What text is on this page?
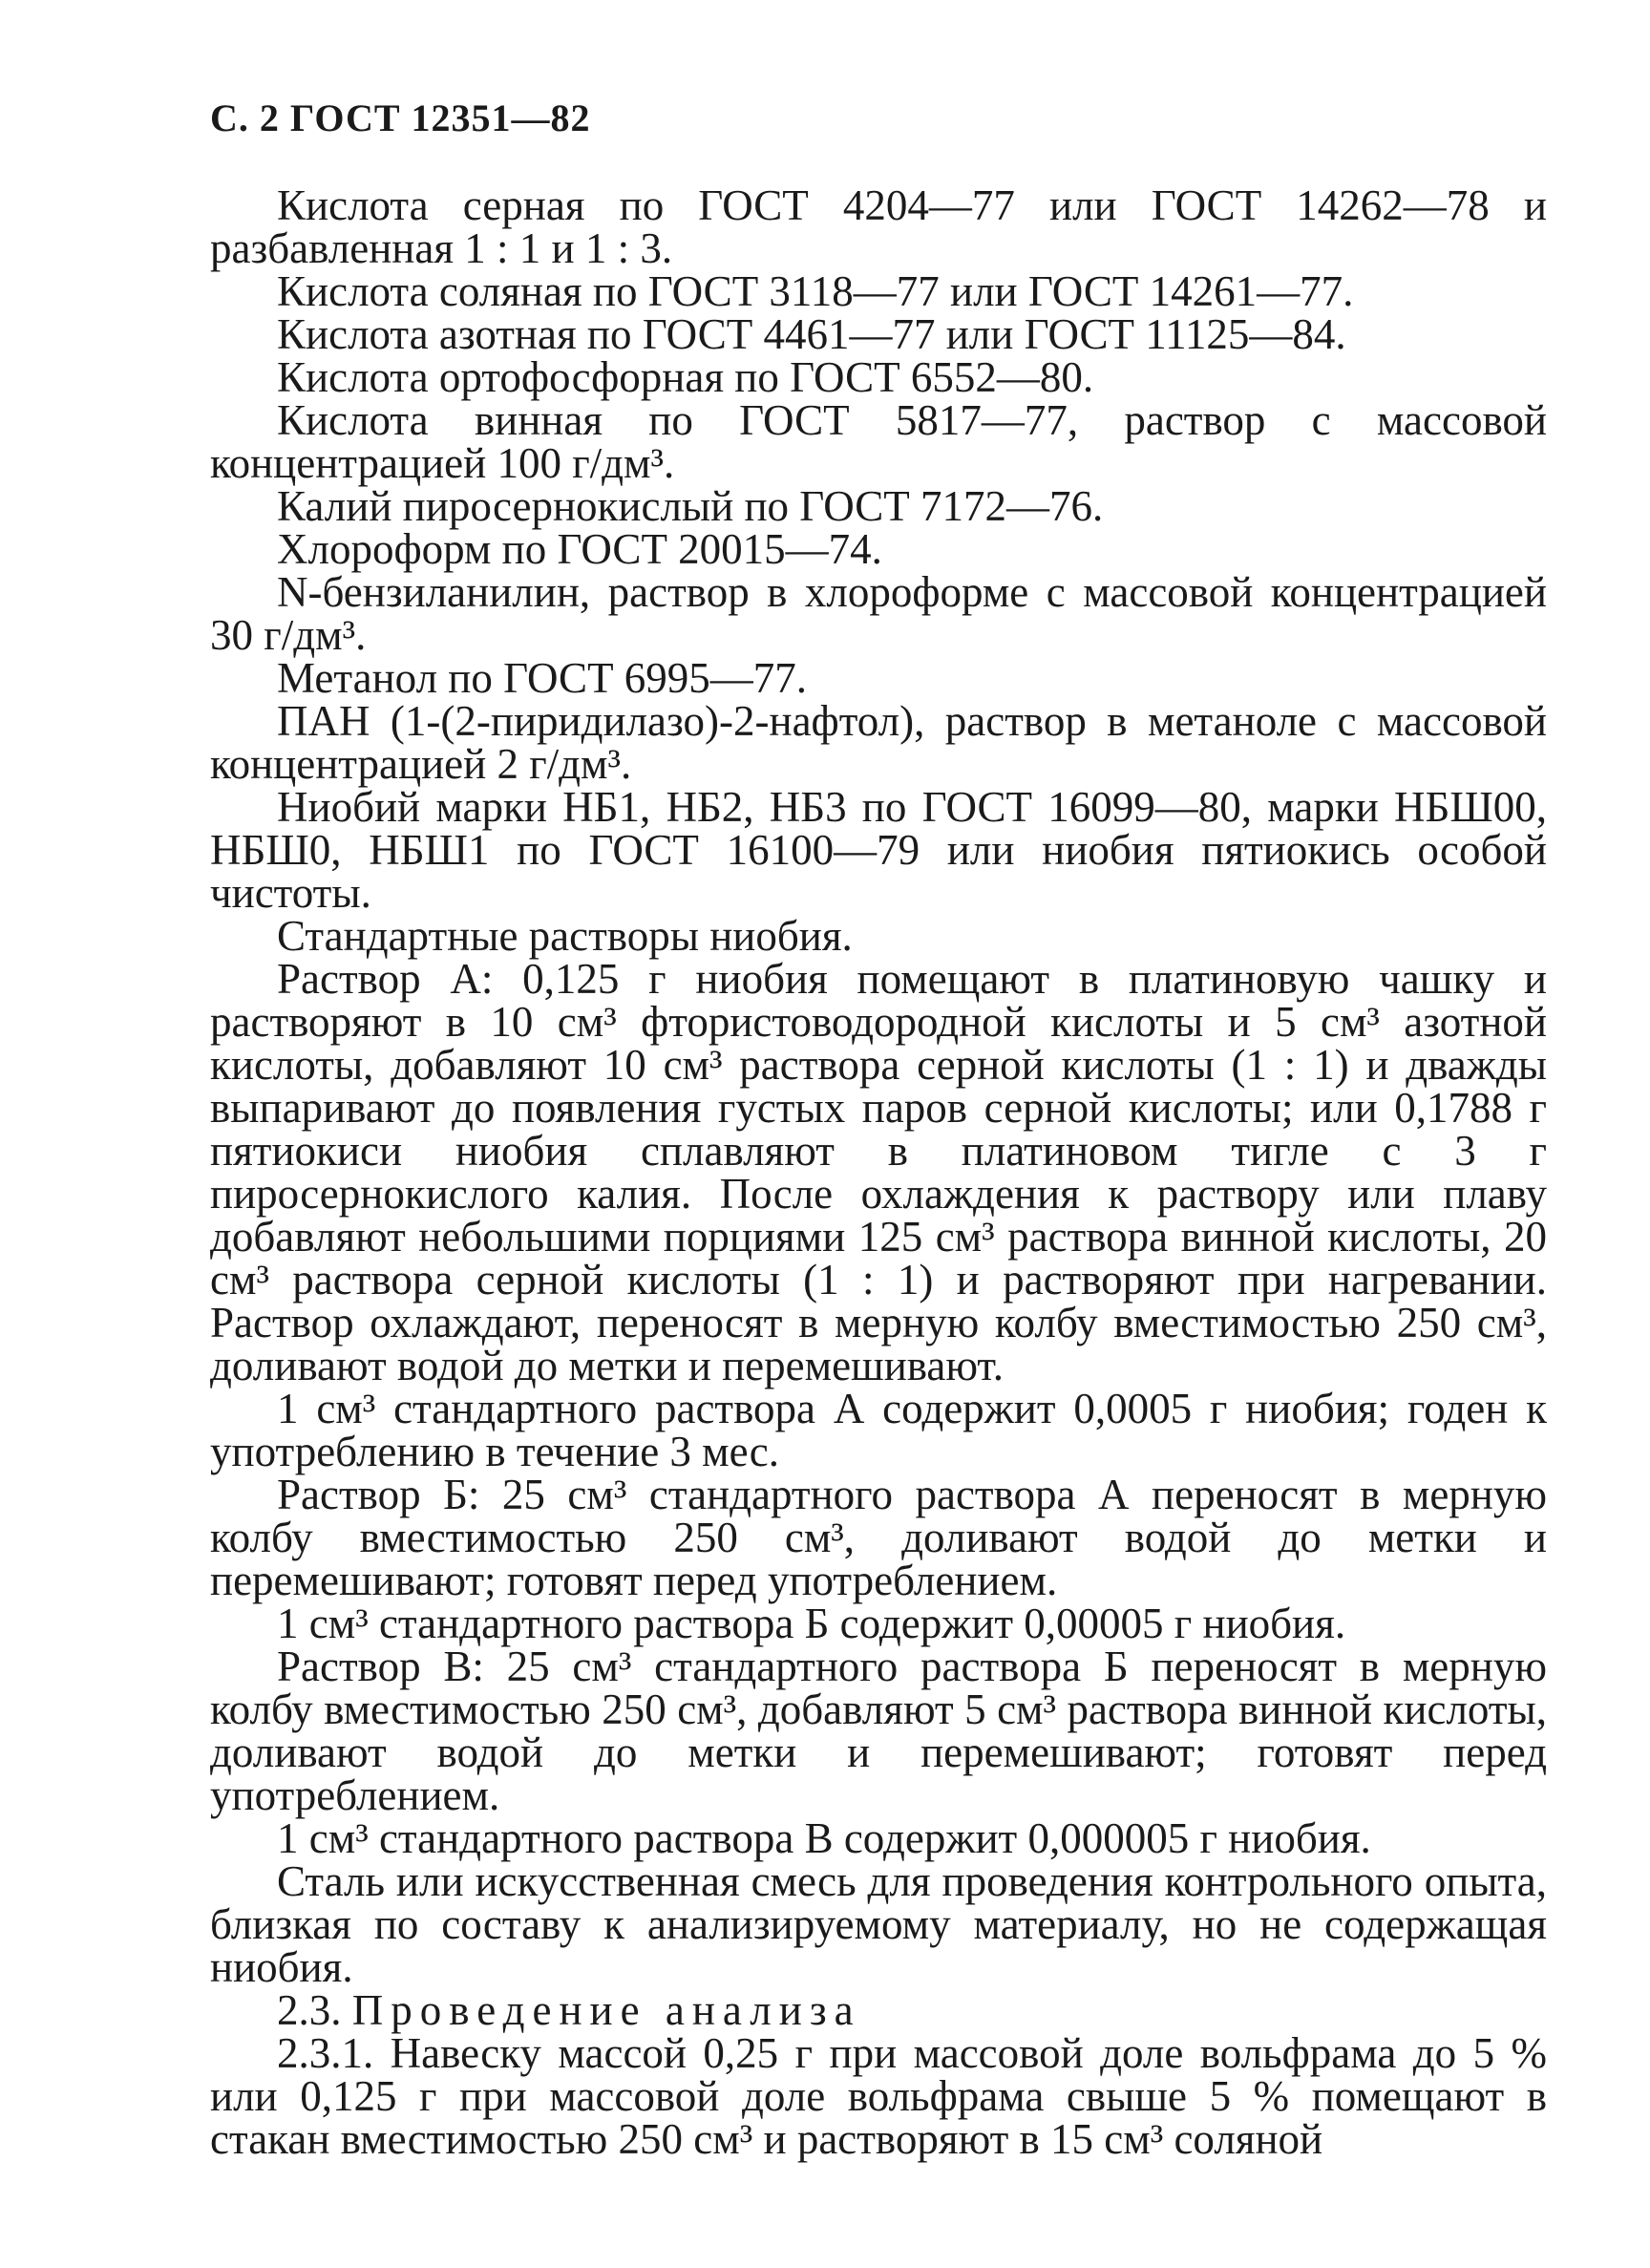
С. 2 ГОСТ 12351—82

Кислота серная по ГОСТ 4204—77 или ГОСТ 14262—78 и разбавленная 1 : 1 и 1 : 3.

Кислота соляная по ГОСТ 3118—77 или ГОСТ 14261—77.

Кислота азотная по ГОСТ 4461—77 или ГОСТ 11125—84.

Кислота ортофосфорная по ГОСТ 6552—80.

Кислота винная по ГОСТ 5817—77, раствор с массовой концентрацией 100 г/дм³.

Калий пиросернокислый по ГОСТ 7172—76.

Хлороформ по ГОСТ 20015—74.

N-бензиланилин, раствор в хлороформе с массовой концентрацией 30 г/дм³.

Метанол по ГОСТ 6995—77.

ПАН (1-(2-пиридилазо)-2-нафтол), раствор в метаноле с массовой концентрацией 2 г/дм³.

Ниобий марки НБ1, НБ2, НБ3 по ГОСТ 16099—80, марки НБШ00, НБШ0, НБШ1 по ГОСТ 16100—79 или ниобия пятиокись особой чистоты.

Стандартные растворы ниобия.

Раствор А: 0,125 г ниобия помещают в платиновую чашку и растворяют в 10 см³ фтористоводородной кислоты и 5 см³ азотной кислоты, добавляют 10 см³ раствора серной кислоты (1 : 1) и дважды выпаривают до появления густых паров серной кислоты; или 0,1788 г пятиокиси ниобия сплавляют в платиновом тигле с 3 г пиросернокислого калия. После охлаждения к раствору или плаву добавляют небольшими порциями 125 см³ раствора винной кислоты, 20 см³ раствора серной кислоты (1 : 1) и растворяют при нагревании. Раствор охлаждают, переносят в мерную колбу вместимостью 250 см³, доливают водой до метки и перемешивают.

1 см³ стандартного раствора А содержит 0,0005 г ниобия; годен к употреблению в течение 3 мес.

Раствор Б: 25 см³ стандартного раствора А переносят в мерную колбу вместимостью 250 см³, доливают водой до метки и перемешивают; готовят перед употреблением.

1 см³ стандартного раствора Б содержит 0,00005 г ниобия.

Раствор В: 25 см³ стандартного раствора Б переносят в мерную колбу вместимостью 250 см³, добавляют 5 см³ раствора винной кислоты, доливают водой до метки и перемешивают; готовят перед употреблением.

1 см³ стандартного раствора В содержит 0,000005 г ниобия.

Сталь или искусственная смесь для проведения контрольного опыта, близкая по составу к анализируемому материалу, но не содержащая ниобия.

2.3. Проведение анализа

2.3.1. Навеску массой 0,25 г при массовой доле вольфрама до 5 % или 0,125 г при массовой доле вольфрама свыше 5 % помещают в стакан вместимостью 250 см³ и растворяют в 15 см³ соляной
